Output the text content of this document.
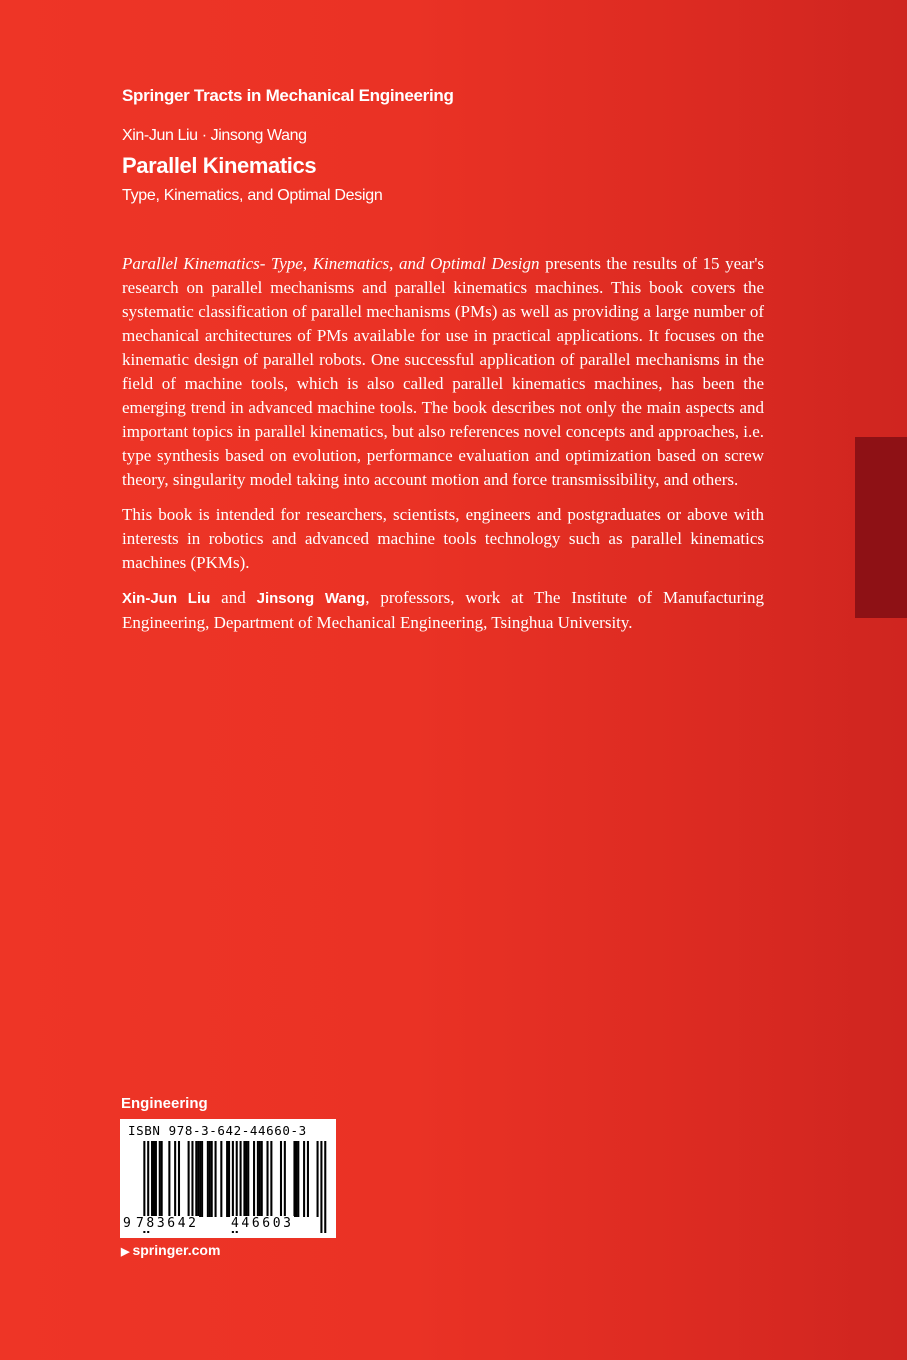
Springer Tracts in Mechanical Engineering
Xin-Jun Liu · Jinsong Wang
Parallel Kinematics
Type, Kinematics, and Optimal Design

Parallel Kinematics- Type, Kinematics, and Optimal Design presents the results of 15 year's research on parallel mechanisms and parallel kinematics machines. This book covers the systematic classification of parallel mechanisms (PMs) as well as providing a large number of mechanical architectures of PMs available for use in practical applications. It focuses on the kinematic design of parallel robots. One successful application of parallel mechanisms in the field of machine tools, which is also called parallel kinematics machines, has been the emerging trend in advanced machine tools. The book describes not only the main aspects and important topics in parallel kinematics, but also references novel concepts and approaches, i.e. type synthesis based on evolution, performance evaluation and optimization based on screw theory, singularity model taking into account motion and force transmissibility, and others.

This book is intended for researchers, scientists, engineers and postgraduates or above with interests in robotics and advanced machine tools technology such as parallel kinematics machines (PKMs).

Xin-Jun Liu and Jinsong Wang, professors, work at The Institute of Manufacturing Engineering, Department of Mechanical Engineering, Tsinghua University.

Engineering
ISBN 978-3-642-44660-3
9 783642 446603
▶ springer.com
